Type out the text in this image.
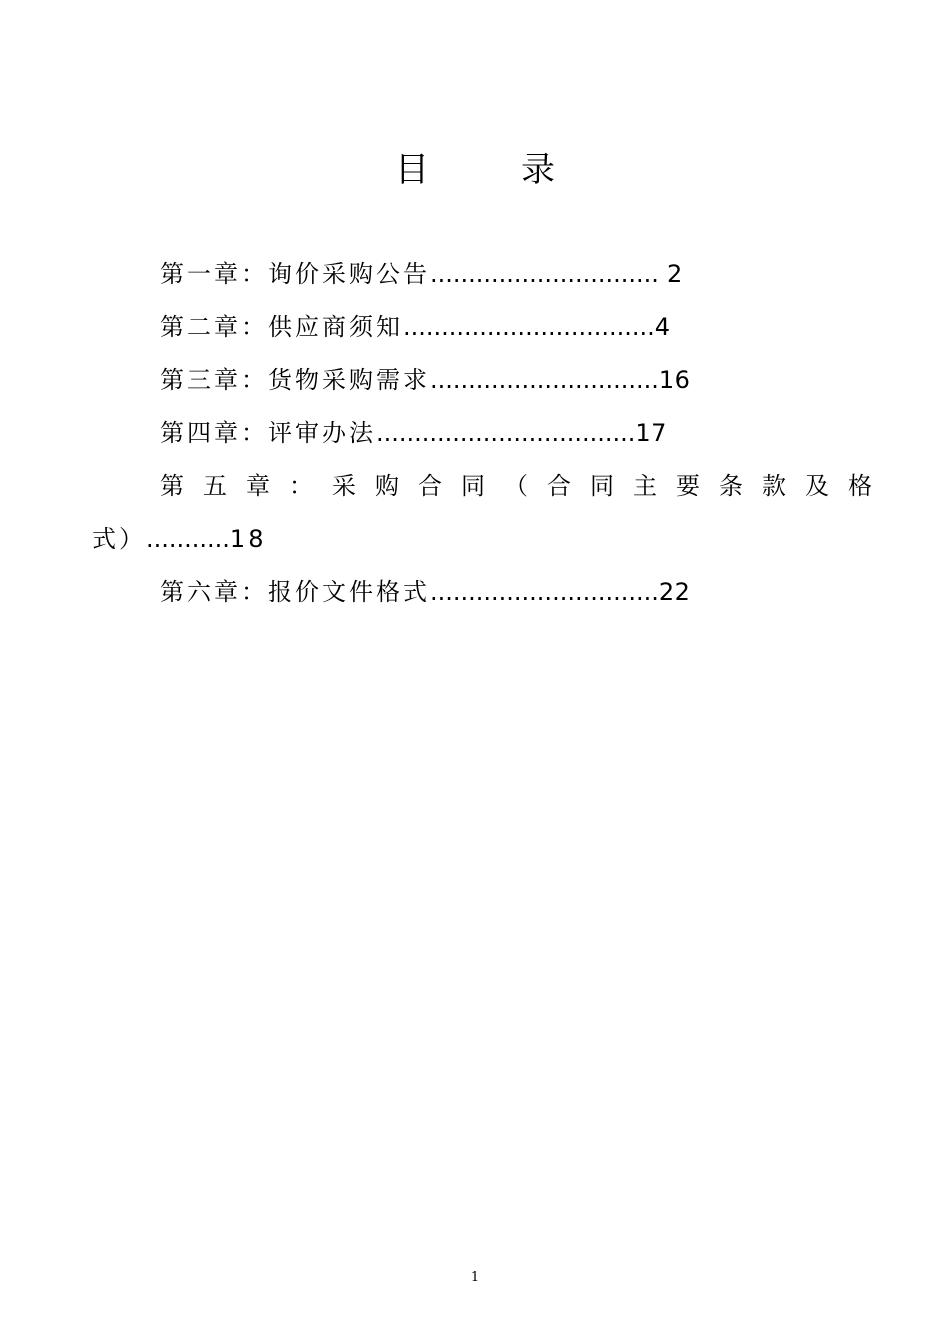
目	录
第一章：询价采购公告.............................. 2
第二章：供应商须知.................................4
第三章：货物采购需求..............................16
第四章：评审办法..................................17
第 五 章 ： 采 购 合 同 （ 合 同 主 要 条 款 及 格
式）...........18
第六章：报价文件格式..............................22
1
